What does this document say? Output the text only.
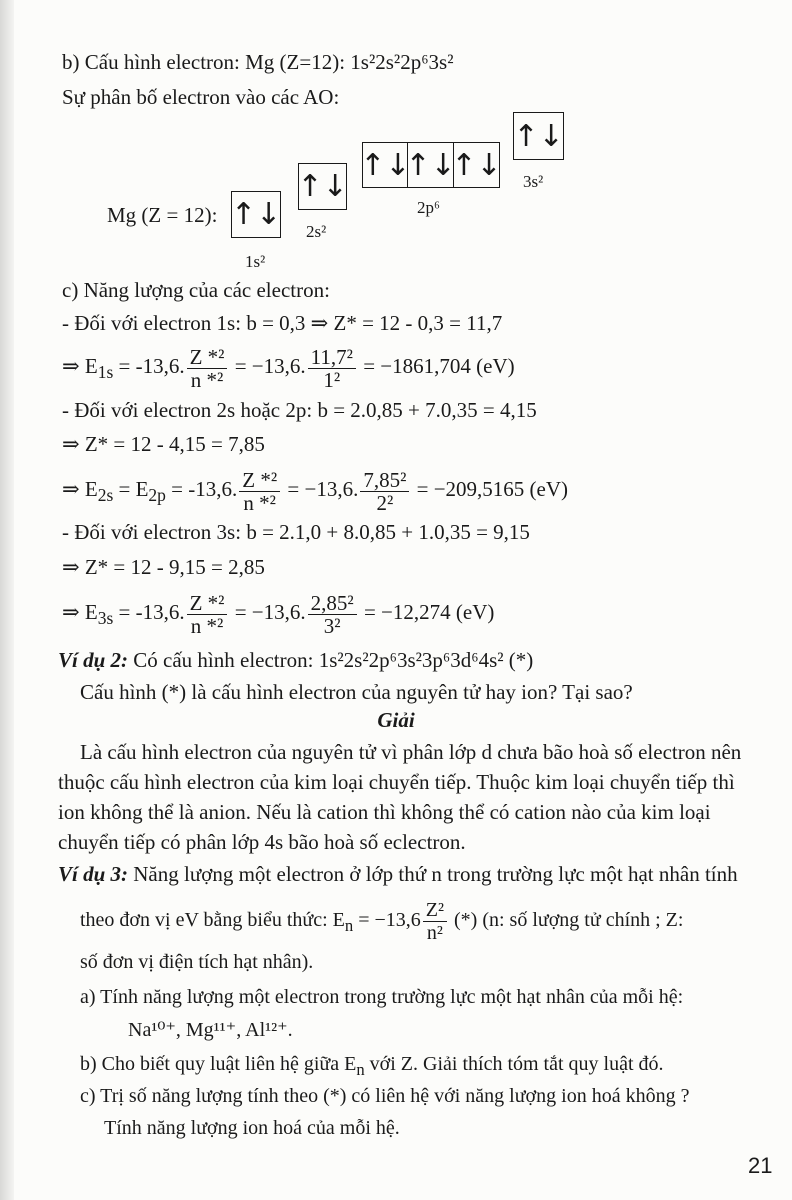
b) Cấu hình electron: Mg (Z=12): 1s²2s²2p⁶3s²
Sự phân bố electron vào các AO:
Mg (Z = 12): ↑↓
1s²
↑↓
2s²
↑↓
↑↓
↑↓
2p⁶
↑↓
3s²
c) Năng lượng của các electron:
- Đối với electron 1s: b = 0,3 ⇒ Z* = 12 - 0,3 = 11,7
⇒ $E_{1s} = -13,6$. $\frac{\text{Z *²}}{\text{n *²}} = -13,6$. $\frac{\text{11,7²}}{\text{1²}} = -1861,704$ (eV)
- Đối với electron 2s hoặc 2p: b = 2.0,85 + 7.0,35 = 4,15
⇒ Z* = 12 - 4,15 = 7,85
⇒ $E_{2s} = E_{2p} = -13,6$. $\frac{\text{Z *²}}{\text{n *²}} = -13,6$. $\frac{\text{7,85²}}{\text{2²}} = -209,5165$ (eV)
- Đối với electron 3s: b = 2.1,0 + 8.0,85 + 1.0,35 = 9,15
⇒ Z* = 12 - 9,15 = 2,85
⇒ $E_{3s} = -13,6$. $\frac{\text{Z *²}}{\text{n *²}} = -13,6$. $\frac{\text{2,85²}}{\text{3²}} = -12,274$ (eV)
Ví dụ 2: Có cấu hình electron: 1s²2s²2p⁶3s²3p⁶3d⁶4s² (*)
Cấu hình (*) là cấu hình electron của nguyên tử hay ion? Tại sao?
Giải
Là cấu hình electron của nguyên tử vì phân lớp d chưa bão hoà số electron nên
thuộc cấu hình electron của kim loại chuyển tiếp. Thuộc kim loại chuyển tiếp thì
ion không thể là anion. Nếu là cation thì không thể có cation nào của kim loại
chuyển tiếp có phân lớp 4s bão hoà số eclectron.
Ví dụ 3: Năng lượng một electron ở lớp thứ n trong trường lực một hạt nhân tính
theo đơn vị eV bằng biểu thức: $E_n = -13,6 \frac{\text{Z²}}{\text{n²}}$ (*) (n: số lượng tử chính ; Z:
số đơn vị điện tích hạt nhân).
a) Tính năng lượng một electron trong trường lực một hạt nhân của mỗi hệ:
Na¹⁰⁺, Mg¹¹⁺, Al¹²⁺.
b) Cho biết quy luật liên hệ giữa $E_n$ với Z. Giải thích tóm tắt quy luật đó.
c) Trị số năng lượng tính theo (*) có liên hệ với năng lượng ion hoá không ?
Tính năng lượng ion hoá của mỗi hệ.
21
